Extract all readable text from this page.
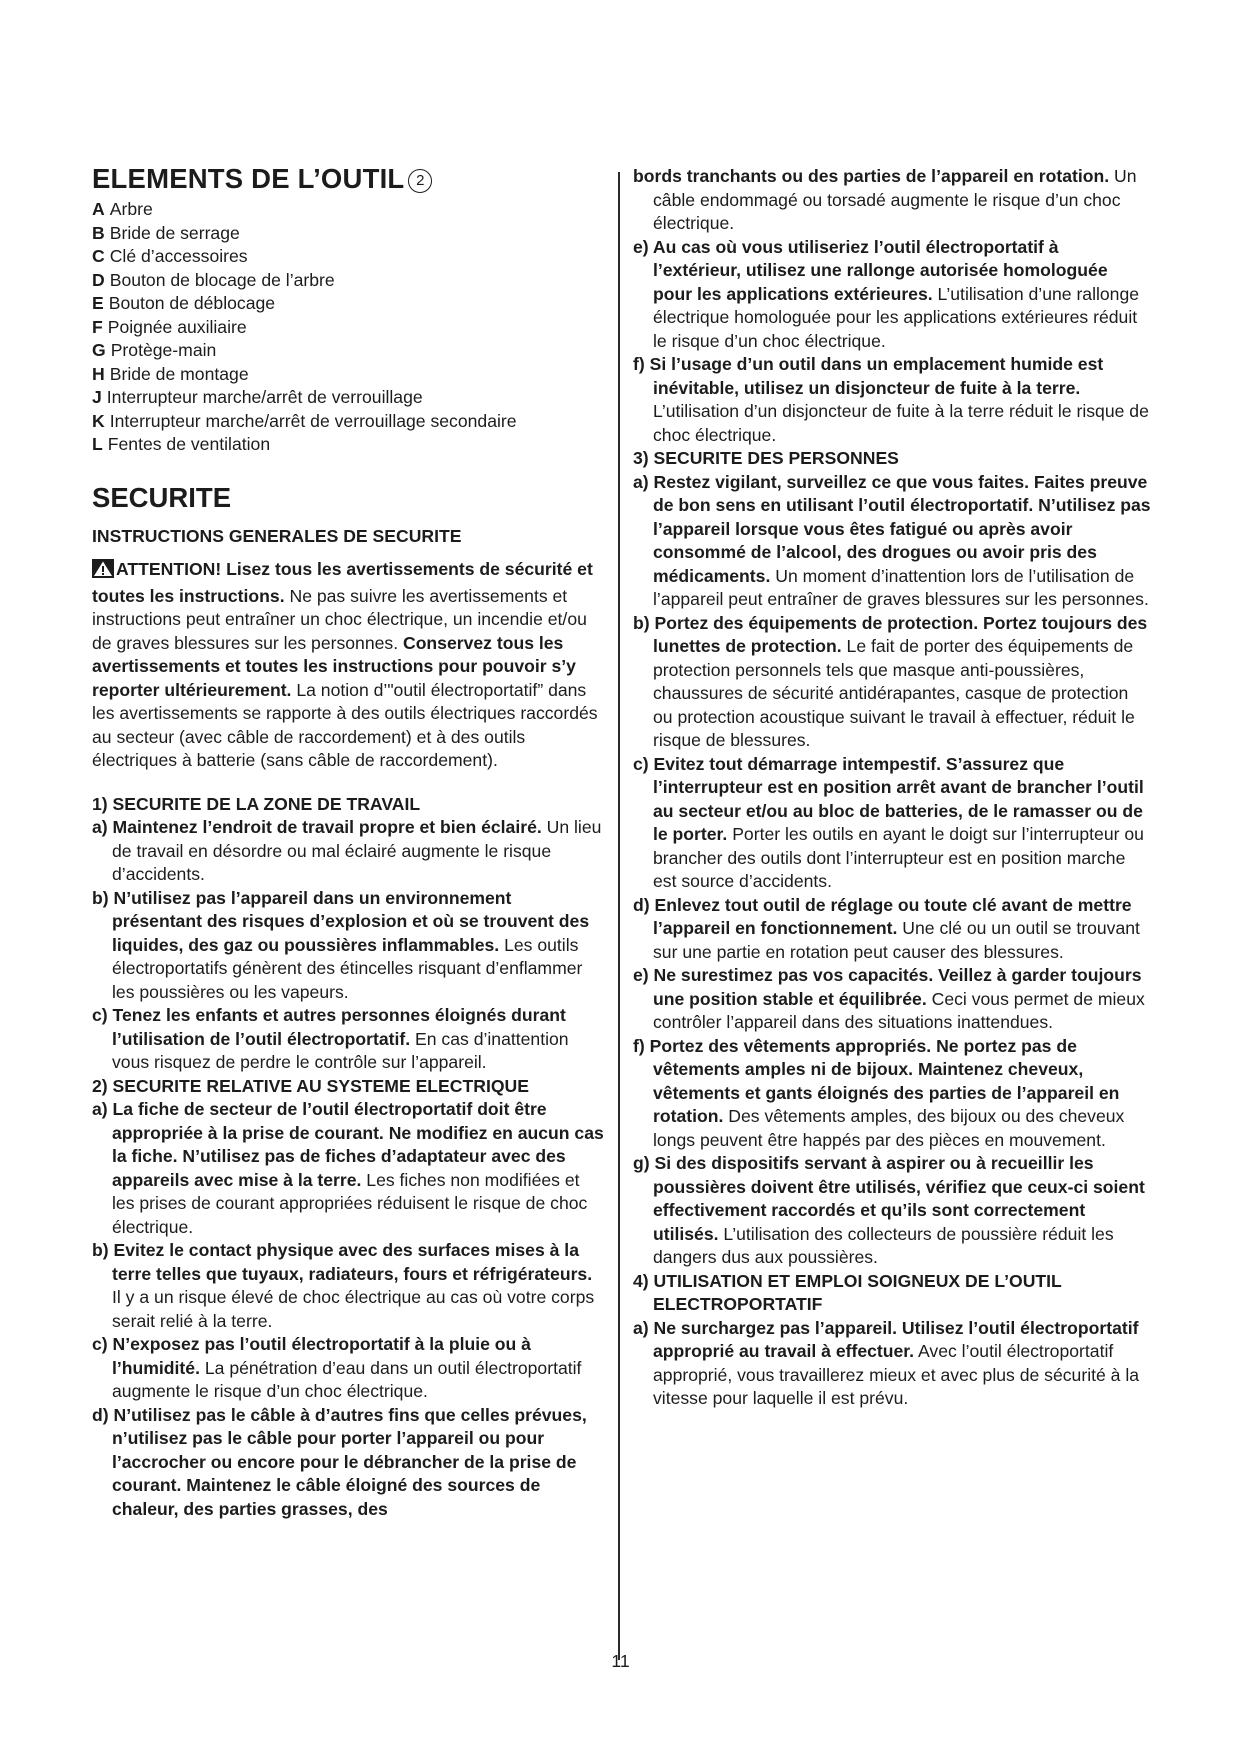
ELEMENTS DE L’OUTIL 2
A Arbre
B Bride de serrage
C Clé d’accessoires
D Bouton de blocage de l’arbre
E Bouton de déblocage
F Poignée auxiliaire
G Protège-main
H Bride de montage
J Interrupteur marche/arrêt de verrouillage
K Interrupteur marche/arrêt de verrouillage secondaire
L Fentes de ventilation
SECURITE
INSTRUCTIONS GENERALES DE SECURITE

ATTENTION! Lisez tous les avertissements de sécurité et toutes les instructions. Ne pas suivre les avertissements et instructions peut entraîner un choc électrique, un incendie et/ou de graves blessures sur les personnes. Conservez tous les avertissements et toutes les instructions pour pouvoir s’y reporter ultérieurement. La notion d’"outil électroportatif” dans les avertissements se rapporte à des outils électriques raccordés au secteur (avec câble de raccordement) et à des outils électriques à batterie (sans câble de raccordement).

1) SECURITE DE LA ZONE DE TRAVAIL

a) Maintenez l’endroit de travail propre et bien éclairé. Un lieu de travail en désordre ou mal éclairé augmente le risque d’accidents.

b) N’utilisez pas l’appareil dans un environnement présentant des risques d’explosion et où se trouvent des liquides, des gaz ou poussières inflammables. Les outils électroportatifs génèrent des étincelles risquant d’enflammer les poussières ou les vapeurs.

c) Tenez les enfants et autres personnes éloignés durant l’utilisation de l’outil électroportatif. En cas d’inattention vous risquez de perdre le contrôle sur l’appareil.

2) SECURITE RELATIVE AU SYSTEME ELECTRIQUE

a) La fiche de secteur de l’outil électroportatif doit être appropriée à la prise de courant. Ne modifiez en aucun cas la fiche. N’utilisez pas de fiches d’adaptateur avec des appareils avec mise à la terre. Les fiches non modifiées et les prises de courant appropriées réduisent le risque de choc électrique.

b) Evitez le contact physique avec des surfaces mises à la terre telles que tuyaux, radiateurs, fours et réfrigérateurs. Il y a un risque élevé de choc électrique au cas où votre corps serait relié à la terre.

c) N’exposez pas l’outil électroportatif à la pluie ou à l’humidité. La pénétration d’eau dans un outil électroportatif augmente le risque d’un choc électrique.

d) N’utilisez pas le câble à d’autres fins que celles prévues, n’utilisez pas le câble pour porter l’appareil ou pour l’accrocher ou encore pour le débrancher de la prise de courant. Maintenez le câble éloigné des sources de chaleur, des parties grasses, des

bords tranchants ou des parties de l’appareil en rotation. Un câble endommagé ou torsadé augmente le risque d’un choc électrique.

e) Au cas où vous utiliseriez l’outil électroportatif à l’extérieur, utilisez une rallonge autorisée homologuée pour les applications extérieures. L’utilisation d’une rallonge électrique homologuée pour les applications extérieures réduit le risque d’un choc électrique.

f) Si l’usage d’un outil dans un emplacement humide est inévitable, utilisez un disjoncteur de fuite à la terre. L’utilisation d’un disjoncteur de fuite à la terre réduit le risque de choc électrique.

3) SECURITE DES PERSONNES

a) Restez vigilant, surveillez ce que vous faites. Faites preuve de bon sens en utilisant l’outil électroportatif. N’utilisez pas l’appareil lorsque vous êtes fatigué ou après avoir consommé de l’alcool, des drogues ou avoir pris des médicaments. Un moment d’inattention lors de l’utilisation de l’appareil peut entraîner de graves blessures sur les personnes.

b) Portez des équipements de protection. Portez toujours des lunettes de protection. Le fait de porter des équipements de protection personnels tels que masque anti-poussières, chaussures de sécurité antidérapantes, casque de protection ou protection acoustique suivant le travail à effectuer, réduit le risque de blessures.

c) Evitez tout démarrage intempestif. S’assurez que l’interrupteur est en position arrêt avant de brancher l’outil au secteur et/ou au bloc de batteries, de le ramasser ou de le porter. Porter les outils en ayant le doigt sur l’interrupteur ou brancher des outils dont l’interrupteur est en position marche est source d’accidents.

d) Enlevez tout outil de réglage ou toute clé avant de mettre l’appareil en fonctionnement. Une clé ou un outil se trouvant sur une partie en rotation peut causer des blessures.

e) Ne surestimez pas vos capacités. Veillez à garder toujours une position stable et équilibrée. Ceci vous permet de mieux contrôler l’appareil dans des situations inattendues.

f) Portez des vêtements appropriés. Ne portez pas de vêtements amples ni de bijoux. Maintenez cheveux, vêtements et gants éloignés des parties de l’appareil en rotation. Des vêtements amples, des bijoux ou des cheveux longs peuvent être happés par des pièces en mouvement.

g) Si des dispositifs servant à aspirer ou à recueillir les poussières doivent être utilisés, vérifiez que ceux-ci soient effectivement raccordés et qu’ils sont correctement utilisés. L’utilisation des collecteurs de poussière réduit les dangers dus aux poussières.

4) UTILISATION ET EMPLOI SOIGNEUX DE L’OUTIL ELECTROPORTATIF

a) Ne surchargez pas l’appareil. Utilisez l’outil électroportatif approprié au travail à effectuer. Avec l’outil électroportatif approprié, vous travaillerez mieux et avec plus de sécurité à la vitesse pour laquelle il est prévu.

11
